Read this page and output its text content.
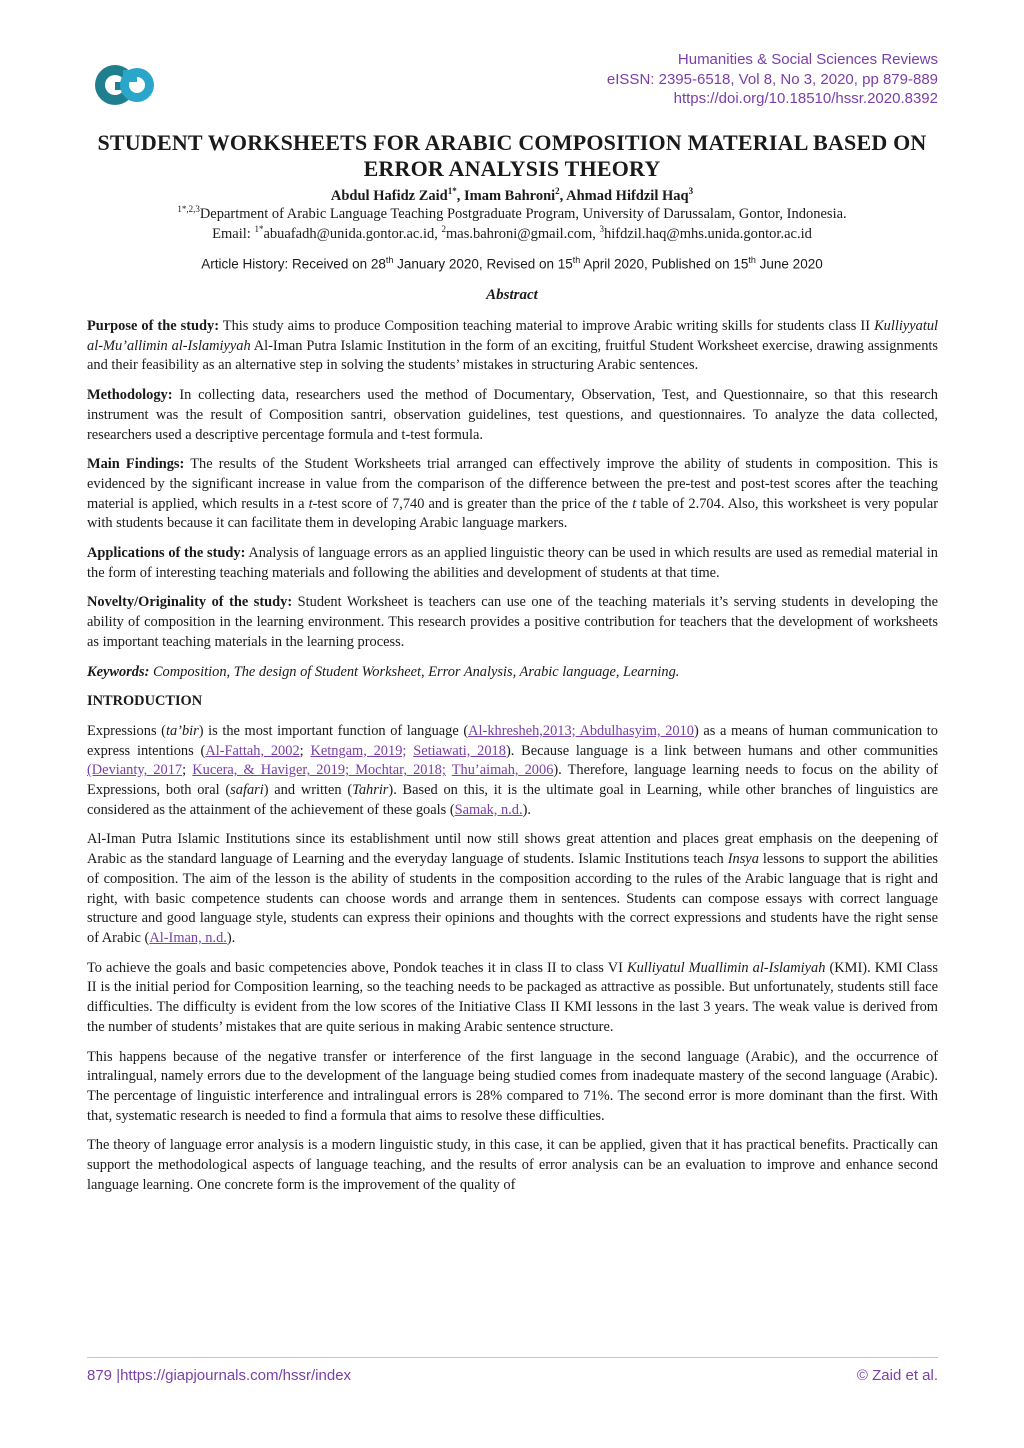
Humanities & Social Sciences Reviews
eISSN: 2395-6518, Vol 8, No 3, 2020, pp 879-889
https://doi.org/10.18510/hssr.2020.8392
STUDENT WORKSHEETS FOR ARABIC COMPOSITION MATERIAL BASED ON ERROR ANALYSIS THEORY
Abdul Hafidz Zaid$^{1*}$, Imam Bahroni$^2$, Ahmad Hifdzil Haq$^3$
$^{1*,2,3}$Department of Arabic Language Teaching Postgraduate Program, University of Darussalam, Gontor, Indonesia.
Email: $^{1*}$abuafadh@unida.gontor.ac.id, $^2$mas.bahroni@gmail.com, $^3$hifdzil.haq@mhs.unida.gontor.ac.id
Article History: Received on 28th January 2020, Revised on 15th April 2020, Published on 15th June 2020
Abstract

Purpose of the study: This study aims to produce Composition teaching material to improve Arabic writing skills for students class II Kulliyyatul al-Mu’allimin al-Islamiyyah Al-Iman Putra Islamic Institution in the form of an exciting, fruitful Student Worksheet exercise, drawing assignments and their feasibility as an alternative step in solving the students’ mistakes in structuring Arabic sentences.

Methodology: In collecting data, researchers used the method of Documentary, Observation, Test, and Questionnaire, so that this research instrument was the result of Composition santri, observation guidelines, test questions, and questionnaires. To analyze the data collected, researchers used a descriptive percentage formula and t-test formula.

Main Findings: The results of the Student Worksheets trial arranged can effectively improve the ability of students in composition. This is evidenced by the significant increase in value from the comparison of the difference between the pre-test and post-test scores after the teaching material is applied, which results in a t-test score of 7,740 and is greater than the price of the t table of 2.704. Also, this worksheet is very popular with students because it can facilitate them in developing Arabic language markers.

Applications of the study: Analysis of language errors as an applied linguistic theory can be used in which results are used as remedial material in the form of interesting teaching materials and following the abilities and development of students at that time.

Novelty/Originality of the study: Student Worksheet is teachers can use one of the teaching materials it’s serving students in developing the ability of composition in the learning environment. This research provides a positive contribution for teachers that the development of worksheets as important teaching materials in the learning process.

Keywords: Composition, The design of Student Worksheet, Error Analysis, Arabic language, Learning.

INTRODUCTION

Expressions (ta’bir) is the most important function of language (Al-khresheh,2013; Abdulhasyim, 2010) as a means of human communication to express intentions (Al-Fattah, 2002; Ketngam, 2019; Setiawati, 2018). Because language is a link between humans and other communities (Devianty, 2017; Kucera, & Haviger, 2019; Mochtar, 2018; Thu’aimah, 2006). Therefore, language learning needs to focus on the ability of Expressions, both oral (safari) and written (Tahrir). Based on this, it is the ultimate goal in Learning, while other branches of linguistics are considered as the attainment of the achievement of these goals (Samak, n.d.).

Al-Iman Putra Islamic Institutions since its establishment until now still shows great attention and places great emphasis on the deepening of Arabic as the standard language of Learning and the everyday language of students. Islamic Institutions teach Insya lessons to support the abilities of composition. The aim of the lesson is the ability of students in the composition according to the rules of the Arabic language that is right and right, with basic competence students can choose words and arrange them in sentences. Students can compose essays with correct language structure and good language style, students can express their opinions and thoughts with the correct expressions and students have the right sense of Arabic (Al-Iman, n.d.).

To achieve the goals and basic competencies above, Pondok teaches it in class II to class VI Kulliyatul Muallimin al-Islamiyah (KMI). KMI Class II is the initial period for Composition learning, so the teaching needs to be packaged as attractive as possible. But unfortunately, students still face difficulties. The difficulty is evident from the low scores of the Initiative Class II KMI lessons in the last 3 years. The weak value is derived from the number of students’ mistakes that are quite serious in making Arabic sentence structure.

This happens because of the negative transfer or interference of the first language in the second language (Arabic), and the occurrence of intralingual, namely errors due to the development of the language being studied comes from inadequate mastery of the second language (Arabic). The percentage of linguistic interference and intralingual errors is 28% compared to 71%. The second error is more dominant than the first. With that, systematic research is needed to find a formula that aims to resolve these difficulties.

The theory of language error analysis is a modern linguistic study, in this case, it can be applied, given that it has practical benefits. Practically can support the methodological aspects of language teaching, and the results of error analysis can be an evaluation to improve and enhance second language learning. One concrete form is the improvement of the quality of

879 |https://giapjournals.com/hssr/index	© Zaid et al.
